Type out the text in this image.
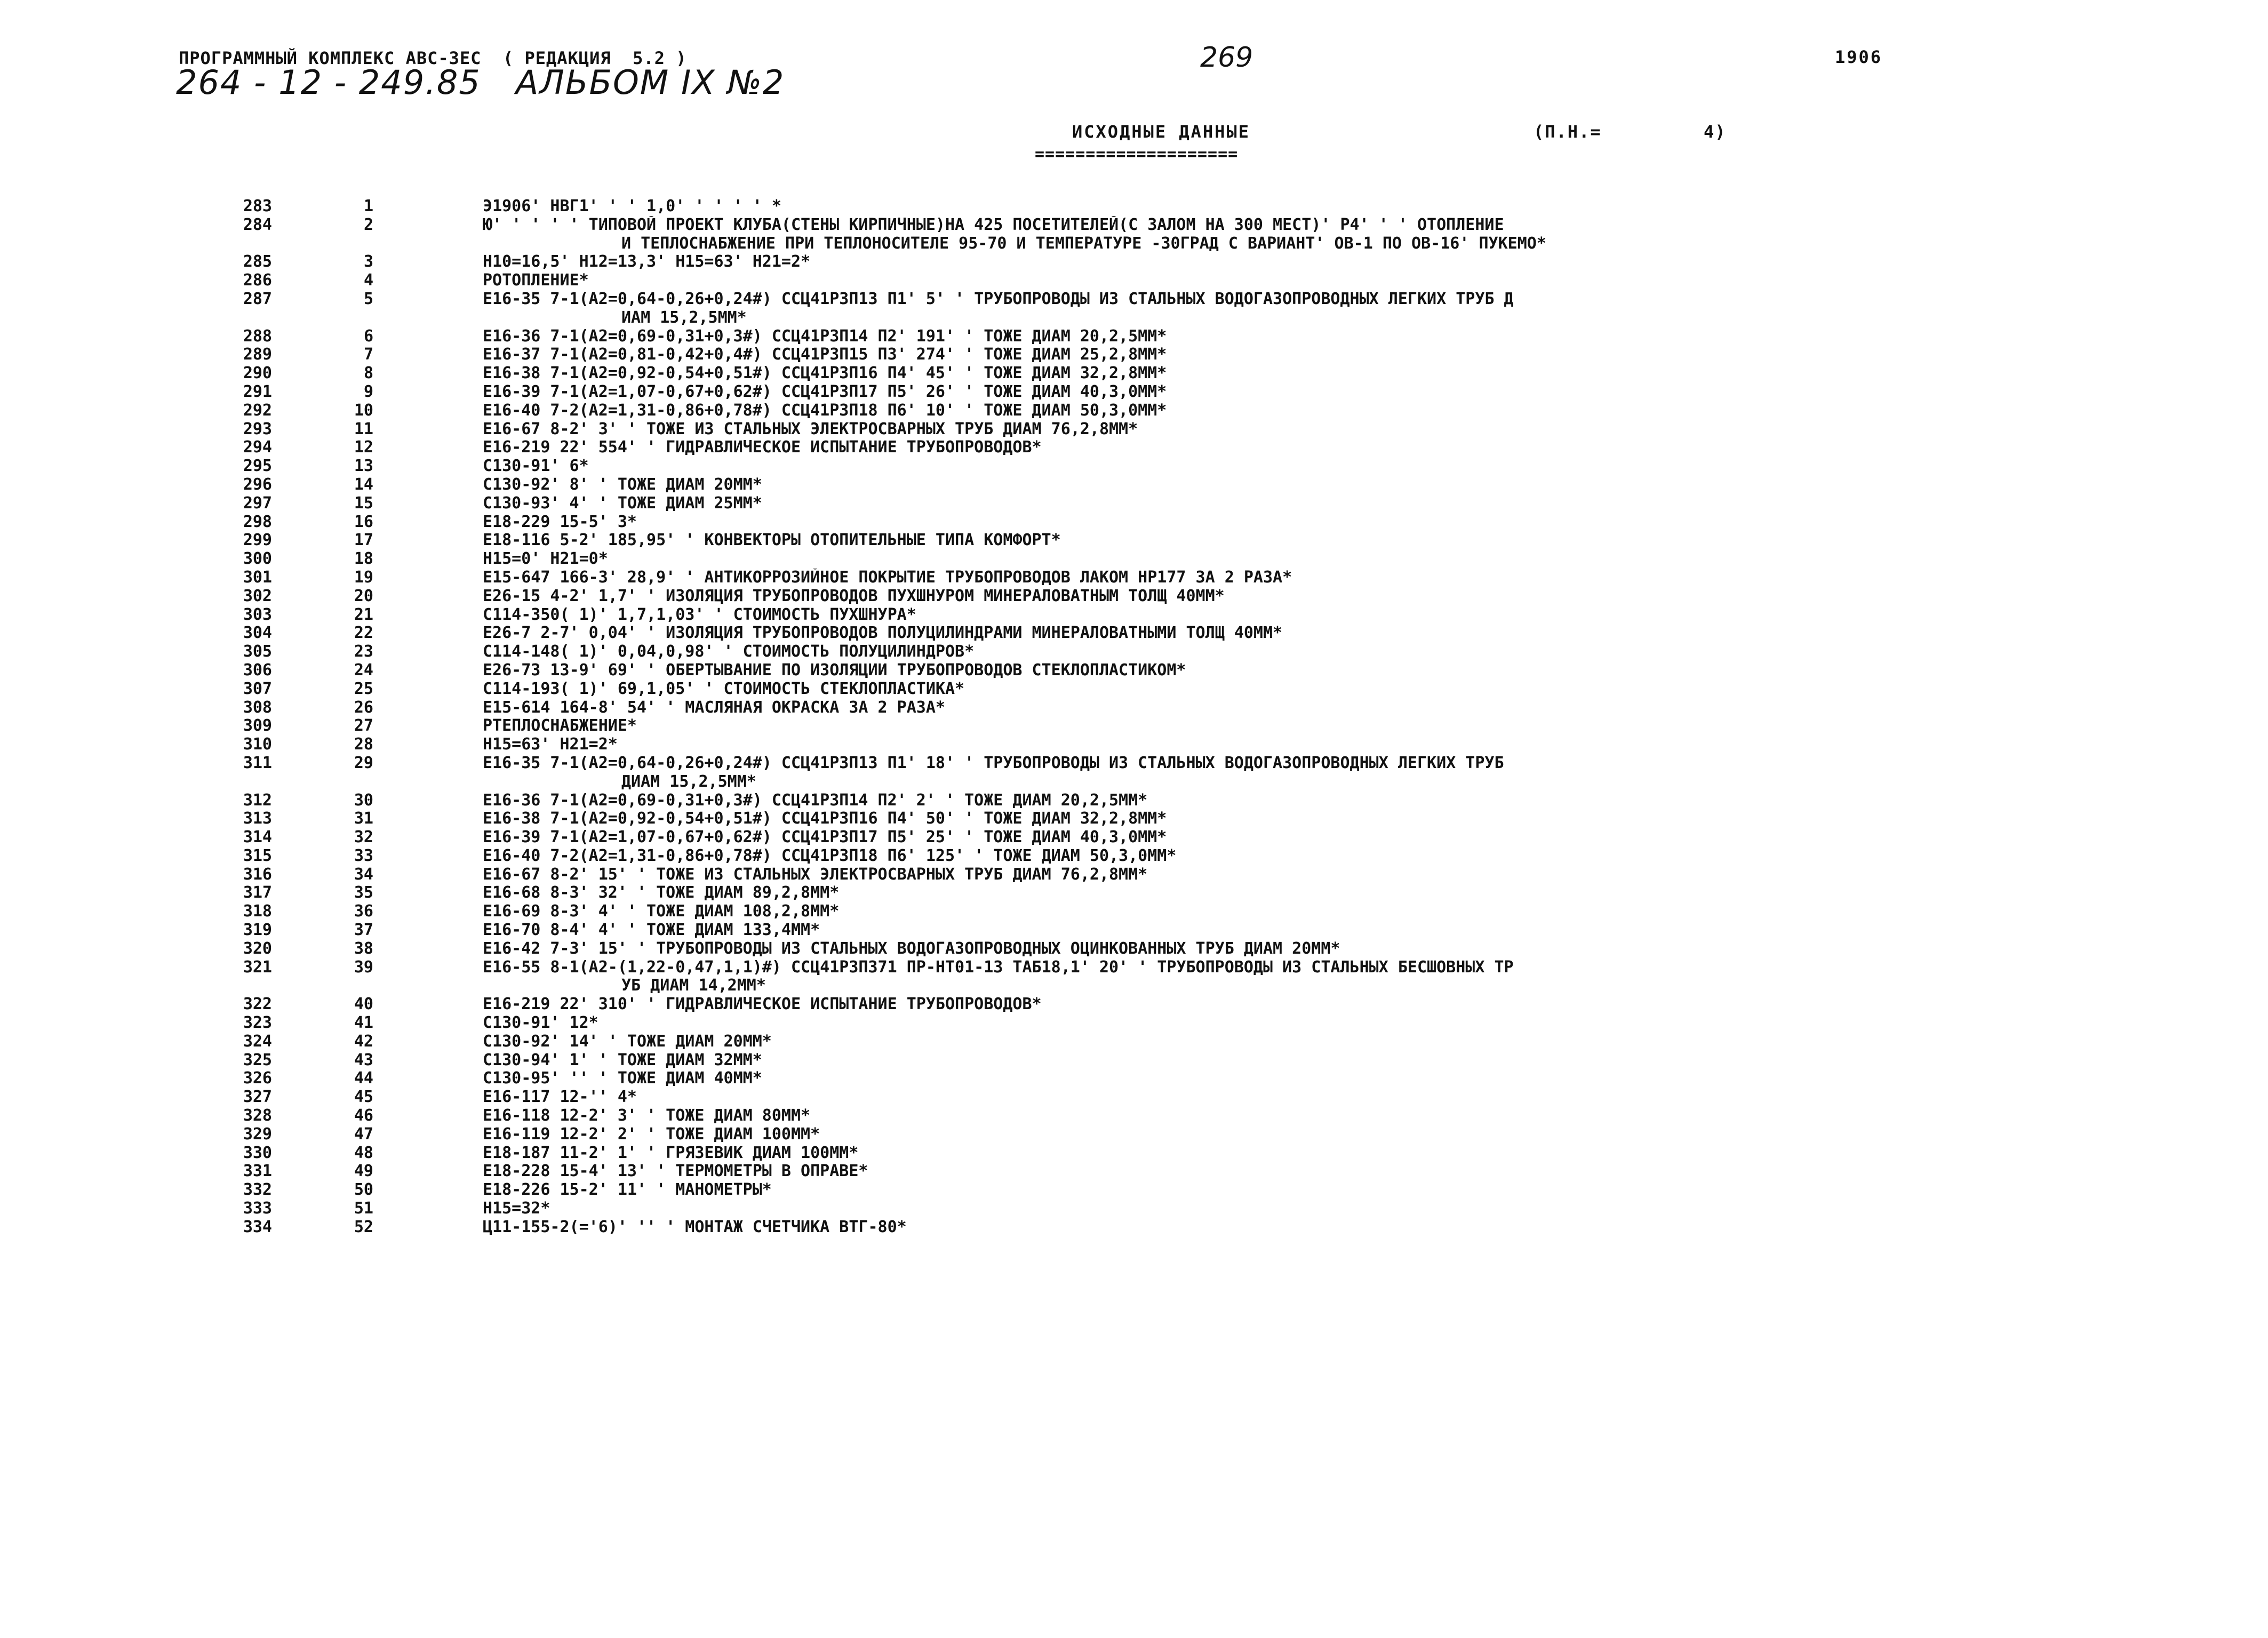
ПРОГРАММНЫЙ КОМПЛЕКС АВС-ЗЕС  ( РЕДАКЦИЯ  5.2 )
264 - 12 - 249.85   АЛЬБОМ IX №2
269	1906
ИСХОДНЫЕ ДАННЫЕ
====================
(П.Н.=         4)
283	1	Э1906' НВГ1' ' ' 1,0' ' ' ' ' *
284	2	Ю' ' ' ' ' ТИПОВОЙ ПРОЕКТ КЛУБА(СТЕНЫ КИРПИЧНЫЕ)НА 425 ПОСЕТИТЕЛЕЙ(С ЗАЛОМ НА 300 МЕСТ)' Р4' ' ' ОТОПЛЕНИЕ
И ТЕПЛОСНАБЖЕНИЕ ПРИ ТЕПЛОНОСИТЕЛЕ 95-70 И ТЕМПЕРАТУРЕ -30ГРАД С ВАРИАНТ' ОВ-1 ПО ОВ-16' ПУКЕМО*
285	3	Н10=16,5' Н12=13,3' Н15=63' Н21=2*
286	4	РОТОПЛЕНИЕ*
287	5	Е16-35 7-1(А2=0,64-0,26+0,24#) ССЦ41Р3П13 П1' 5' ' ТРУБОПРОВОДЫ ИЗ СТАЛЬНЫХ ВОДОГАЗОПРОВОДНЫХ ЛЕГКИХ ТРУБ Д
ИАМ 15,2,5ММ*
288	6	Е16-36 7-1(А2=0,69-0,31+0,3#) ССЦ41Р3П14 П2' 191' ' ТОЖЕ ДИАМ 20,2,5ММ*
289	7	Е16-37 7-1(А2=0,81-0,42+0,4#) ССЦ41Р3П15 П3' 274' ' ТОЖЕ ДИАМ 25,2,8ММ*
290	8	Е16-38 7-1(А2=0,92-0,54+0,51#) ССЦ41Р3П16 П4' 45' ' ТОЖЕ ДИАМ 32,2,8ММ*
291	9	Е16-39 7-1(А2=1,07-0,67+0,62#) ССЦ41Р3П17 П5' 26' ' ТОЖЕ ДИАМ 40,3,0ММ*
292	10	Е16-40 7-2(А2=1,31-0,86+0,78#) ССЦ41Р3П18 П6' 10' ' ТОЖЕ ДИАМ 50,3,0ММ*
293	11	Е16-67 8-2' 3' ' ТОЖЕ ИЗ СТАЛЬНЫХ ЭЛЕКТРОСВАРНЫХ ТРУБ ДИАМ 76,2,8ММ*
294	12	Е16-219 22' 554' ' ГИДРАВЛИЧЕСКОЕ ИСПЫТАНИЕ ТРУБОПРОВОДОВ*
295	13	С130-91' 6*
296	14	С130-92' 8' ' ТОЖЕ ДИАМ 20ММ*
297	15	С130-93' 4' ' ТОЖЕ ДИАМ 25ММ*
298	16	Е18-229 15-5' 3*
299	17	Е18-116 5-2' 185,95' ' КОНВЕКТОРЫ ОТОПИТЕЛЬНЫЕ ТИПА КОМФОРТ*
300	18	Н15=0' Н21=0*
301	19	Е15-647 166-3' 28,9' ' АНТИКОРРОЗИЙНОЕ ПОКРЫТИЕ ТРУБОПРОВОДОВ ЛАКОМ НР177 ЗА 2 РАЗА*
302	20	Е26-15 4-2' 1,7' ' ИЗОЛЯЦИЯ ТРУБОПРОВОДОВ ПУХШНУРОМ МИНЕРАЛОВАТНЫМ ТОЛЩ 40ММ*
303	21	С114-350( 1)' 1,7,1,03' ' СТОИМОСТЬ ПУХШНУРА*
304	22	Е26-7 2-7' 0,04' ' ИЗОЛЯЦИЯ ТРУБОПРОВОДОВ ПОЛУЦИЛИНДРАМИ МИНЕРАЛОВАТНЫМИ ТОЛЩ 40ММ*
305	23	С114-148( 1)' 0,04,0,98' ' СТОИМОСТЬ ПОЛУЦИЛИНДРОВ*
306	24	Е26-73 13-9' 69' ' ОБЕРТЫВАНИЕ ПО ИЗОЛЯЦИИ ТРУБОПРОВОДОВ СТЕКЛОПЛАСТИКОМ*
307	25	С114-193( 1)' 69,1,05' ' СТОИМОСТЬ СТЕКЛОПЛАСТИКА*
308	26	Е15-614 164-8' 54' ' МАСЛЯНАЯ ОКРАСКА ЗА 2 РАЗА*
309	27	РТЕПЛОСНАБЖЕНИЕ*
310	28	Н15=63' Н21=2*
311	29	Е16-35 7-1(А2=0,64-0,26+0,24#) ССЦ41Р3П13 П1' 18' ' ТРУБОПРОВОДЫ ИЗ СТАЛЬНЫХ ВОДОГАЗОПРОВОДНЫХ ЛЕГКИХ ТРУБ
ДИАМ 15,2,5ММ*
312	30	Е16-36 7-1(А2=0,69-0,31+0,3#) ССЦ41Р3П14 П2' 2' ' ТОЖЕ ДИАМ 20,2,5ММ*
313	31	Е16-38 7-1(А2=0,92-0,54+0,51#) ССЦ41Р3П16 П4' 50' ' ТОЖЕ ДИАМ 32,2,8ММ*
314	32	Е16-39 7-1(А2=1,07-0,67+0,62#) ССЦ41Р3П17 П5' 25' ' ТОЖЕ ДИАМ 40,3,0ММ*
315	33	Е16-40 7-2(А2=1,31-0,86+0,78#) ССЦ41Р3П18 П6' 125' ' ТОЖЕ ДИАМ 50,3,0ММ*
316	34	Е16-67 8-2' 15' ' ТОЖЕ ИЗ СТАЛЬНЫХ ЭЛЕКТРОСВАРНЫХ ТРУБ ДИАМ 76,2,8ММ*
317	35	Е16-68 8-3' 32' ' ТОЖЕ ДИАМ 89,2,8ММ*
318	36	Е16-69 8-3' 4' ' ТОЖЕ ДИАМ 108,2,8ММ*
319	37	Е16-70 8-4' 4' ' ТОЖЕ ДИАМ 133,4ММ*
320	38	Е16-42 7-3' 15' ' ТРУБОПРОВОДЫ ИЗ СТАЛЬНЫХ ВОДОГАЗОПРОВОДНЫХ ОЦИНКОВАННЫХ ТРУБ ДИАМ 20ММ*
321	39	Е16-55 8-1(А2-(1,22-0,47,1,1)#) ССЦ41Р3П371 ПР-НТ01-13 ТАБ18,1' 20' ' ТРУБОПРОВОДЫ ИЗ СТАЛЬНЫХ БЕСШОВНЫХ ТР
УБ ДИАМ 14,2ММ*
322	40	Е16-219 22' 310' ' ГИДРАВЛИЧЕСКОЕ ИСПЫТАНИЕ ТРУБОПРОВОДОВ*
323	41	С130-91' 12*
324	42	С130-92' 14' ' ТОЖЕ ДИАМ 20ММ*
325	43	С130-94' 1' ' ТОЖЕ ДИАМ 32ММ*
326	44	С130-95' '' ' ТОЖЕ ДИАМ 40ММ*
327	45	Е16-117 12-'' 4*
328	46	Е16-118 12-2' 3' ' ТОЖЕ ДИАМ 80ММ*
329	47	Е16-119 12-2' 2' ' ТОЖЕ ДИАМ 100ММ*
330	48	Е18-187 11-2' 1' ' ГРЯЗЕВИК ДИАМ 100ММ*
331	49	Е18-228 15-4' 13' ' ТЕРМОМЕТРЫ В ОПРАВЕ*
332	50	Е18-226 15-2' 11' ' МАНОМЕТРЫ*
333	51	Н15=32*
334	52	Ц11-155-2(='6)' '' ' МОНТАЖ СЧЕТЧИКА ВТГ-80*
